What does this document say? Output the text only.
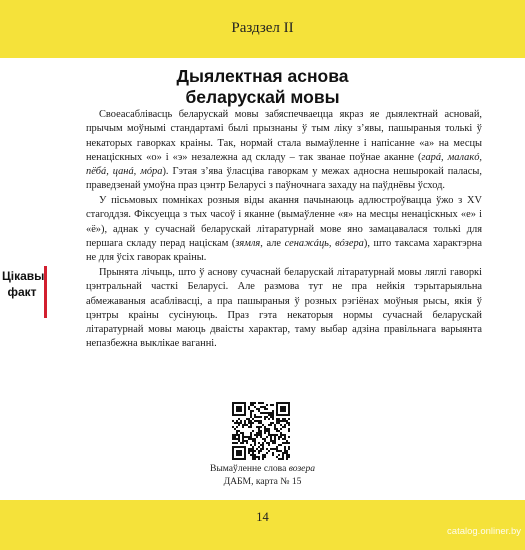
Раздзел II
Дыялектная аснова
беларускай мовы

Своеасаблівасць беларускай мовы забяспечваецца якраз яе дыялектнай асновай, прычым моўнымі стандартамі былі прызнаны ў тым ліку з’явы, пашыраныя толькі ў некаторых гаворках краіны. Так, нормай стала вымаўленне і напісанне «а» на месцы ненаціскных «о» і «э» незалежна ад складу – так званае поўнае аканне (гарá, малакó, пёбá, цанá, мóра). Гэтая з’ява ўласціва гаворкам у межах адносна нешырокай паласы, праведзенай умоўна праз цэнтр Беларусі з паўночнага захаду на паўднёвы ўсход.

У пісьмовых помніках розныя віды акання пачынаюць адлюстроўвацца ўжо з XV стагоддзя. Фіксуецца з тых часоў і яканне (вымаўленне «я» на месцы ненаціскных «е» і «ё»), аднак у сучаснай беларускай літаратурнай мове яно замацавалася толькі для першага складу перад націскам (зямля, але сенажáць, вóзера), што таксама характэрна не для ўсіх гаворак краіны.

Цікавы
факт

Прынята лічыць, што ў аснову сучаснай беларускай літаратурнай мовы ляглі гаворкі цэнтральнай часткі Беларусі. Але размова тут не пра нейкія тэрытарыяльна абмежаваныя асаблівасці, а пра пашыраныя ў розных рэгіёнах моўныя рысы, якія ў цэнтры краіны сусінуюць. Праз гэта некаторыя нормы сучаснай беларускай літаратурнай мовы маюць дваісты характар, таму выбар адзіна правільнага варыянта непазбежна выклікае ваганні.

Вымаўленне слова возера
ДАБМ, карта № 15
14
catalog.onliner.by
